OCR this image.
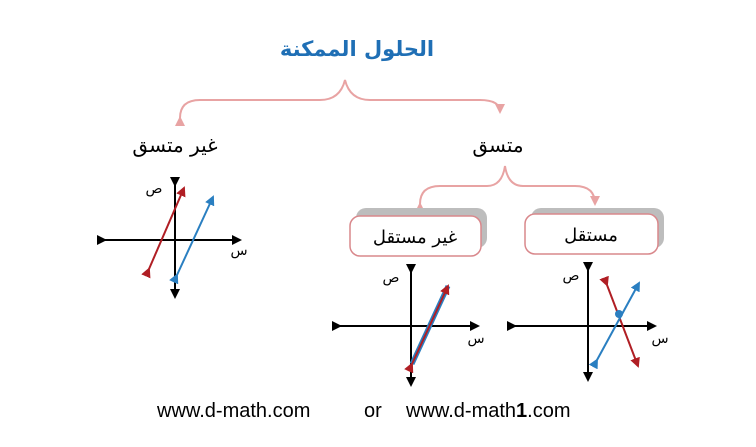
الحلول الممكنة
غير متسق	متسق
غير مستقل	مستقل
ص
س
ص
س
ص
س
www.d-math.com	or www.d-math1.com
